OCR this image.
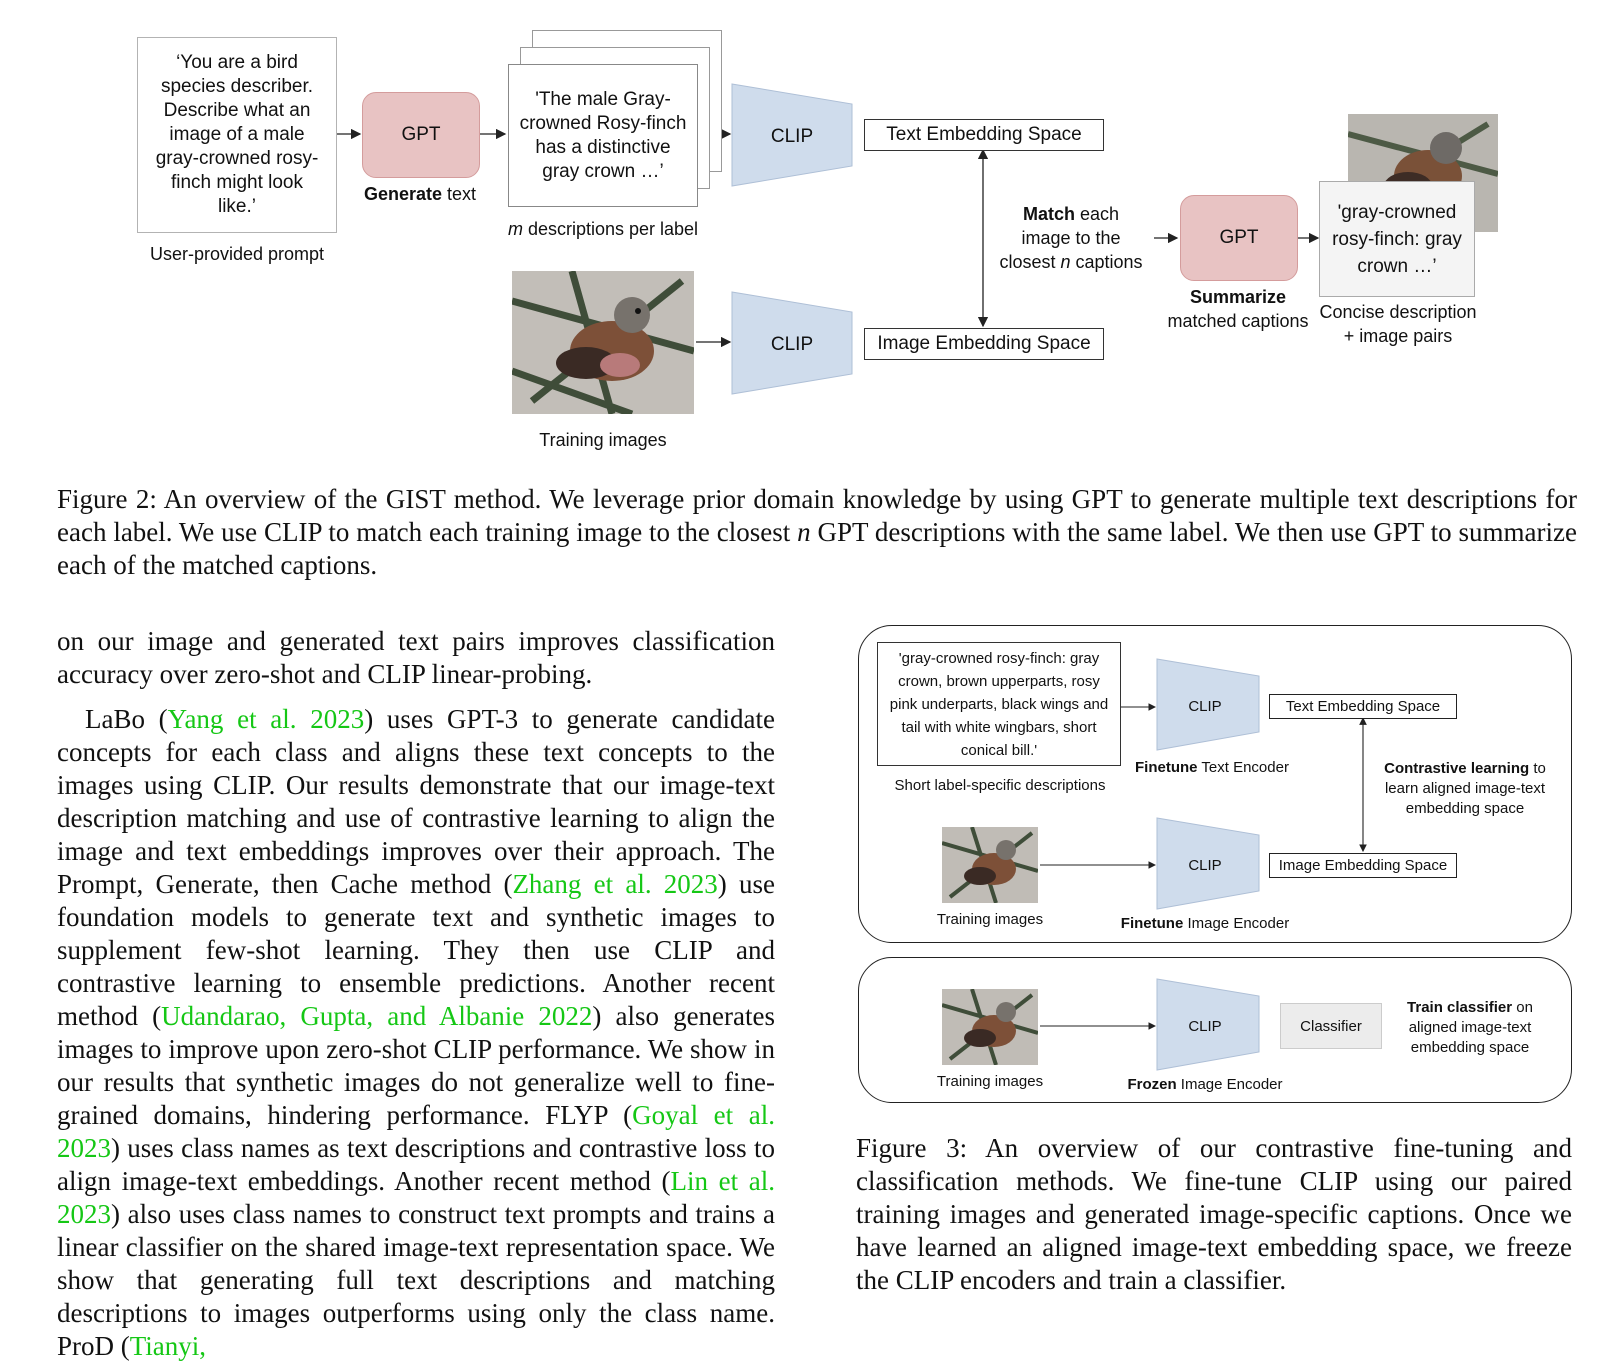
‘You are a bird species describer. Describe what an image of a male gray-crowned rosy-finch might look like.’
User-provided prompt
GPT
Generate text
'The male Gray-crowned Rosy-finch has a distinctive gray crown …’
m descriptions per label
CLIP
CLIP
Text Embedding Space
Image Embedding Space
Match each
image to the
closest n captions
GPT
Summarize
matched captions
'gray-crowned rosy-finch: gray crown …’
Concise description + image pairs
Training images
Figure 2: An overview of the GIST method. We leverage prior domain knowledge by using GPT to generate multiple text descriptions for each label. We use CLIP to match each training image to the closest n GPT descriptions with the same label. We then use GPT to summarize each of the matched captions.

on our image and generated text pairs improves classification accuracy over zero-shot and CLIP linear-probing.

LaBo (Yang et al. 2023) uses GPT-3 to generate candidate concepts for each class and aligns these text concepts to the images using CLIP. Our results demonstrate that our image-text description matching and use of contrastive learning to align the image and text embeddings improves over their approach. The Prompt, Generate, then Cache method (Zhang et al. 2023) use foundation models to generate text and synthetic images to supplement few-shot learning. They then use CLIP and contrastive learning to ensemble predictions. Another recent method (Udandarao, Gupta, and Albanie 2022) also generates images to improve upon zero-shot CLIP performance. We show in our results that synthetic images do not generalize well to fine-grained domains, hindering performance. FLYP (Goyal et al. 2023) uses class names as text descriptions and contrastive loss to align image-text embeddings. Another recent method (Lin et al. 2023) also uses class names to construct text prompts and trains a linear classifier on the shared image-text representation space. We show that generating full text descriptions and matching descriptions to images outperforms using only the class name. ProD (Tianyi,

'gray-crowned rosy-finch: gray crown, brown upperparts, rosy pink underparts, black wings and tail with white wingbars, short conical bill.'
Short label-specific descriptions
CLIP
CLIP
CLIP
Finetune Text Encoder
Finetune Image Encoder
Frozen Image Encoder
Text Embedding Space
Image Embedding Space
Contrastive learning to learn aligned image-text embedding space
Training images
Training images
Classifier
Train classifier on aligned image-text embedding space
Figure 3: An overview of our contrastive fine-tuning and classification methods. We fine-tune CLIP using our paired training images and generated image-specific captions. Once we have learned an aligned image-text embedding space, we freeze the CLIP encoders and train a classifier.
